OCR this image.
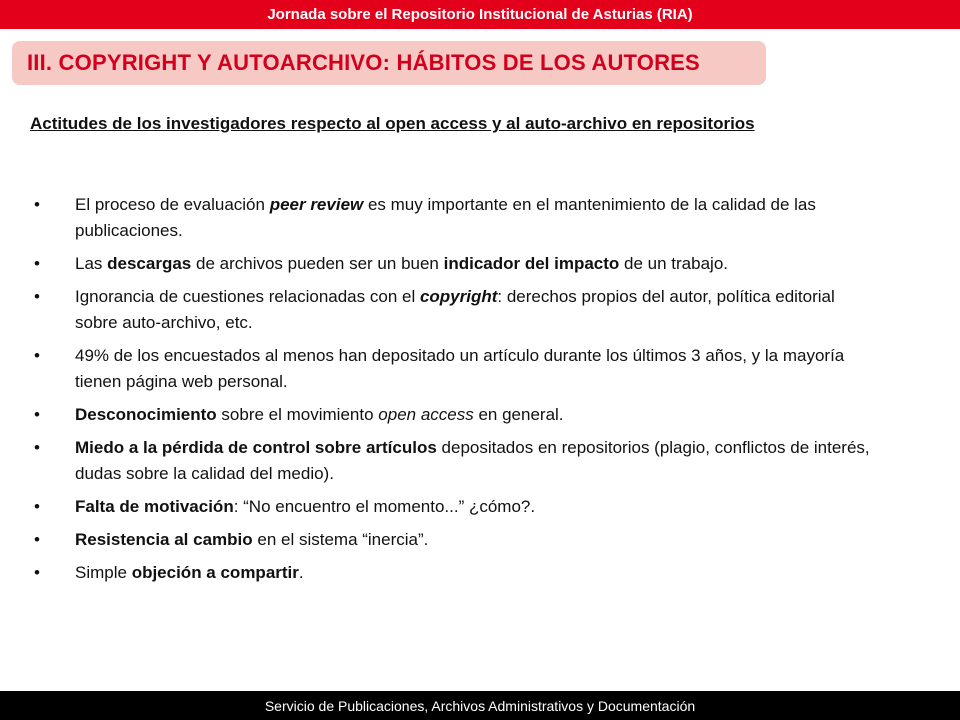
Jornada sobre el Repositorio Institucional de Asturias (RIA)
III. COPYRIGHT Y AUTOARCHIVO: HÁBITOS DE LOS AUTORES
Actitudes de los investigadores respecto al open access y al auto-archivo en repositorios
• El proceso de evaluación peer review es muy importante en el mantenimiento de la calidad de las publicaciones.
• Las descargas de archivos pueden ser un buen indicador del impacto de un trabajo.
• Ignorancia de cuestiones relacionadas con el copyright: derechos propios del autor, política editorial sobre auto-archivo, etc.
• 49% de los encuestados al menos han depositado un artículo durante los últimos 3 años, y la mayoría tienen página web personal.
• Desconocimiento sobre el movimiento open access en general.
• Miedo a la pérdida de control sobre artículos depositados en repositorios (plagio, conflictos de interés, dudas sobre la calidad del medio).
• Falta de motivación: “No encuentro el momento...” ¿cómo?.
• Resistencia al cambio en el sistema “inercia”.
• Simple objeción a compartir.
Servicio de Publicaciones, Archivos Administrativos y Documentación
